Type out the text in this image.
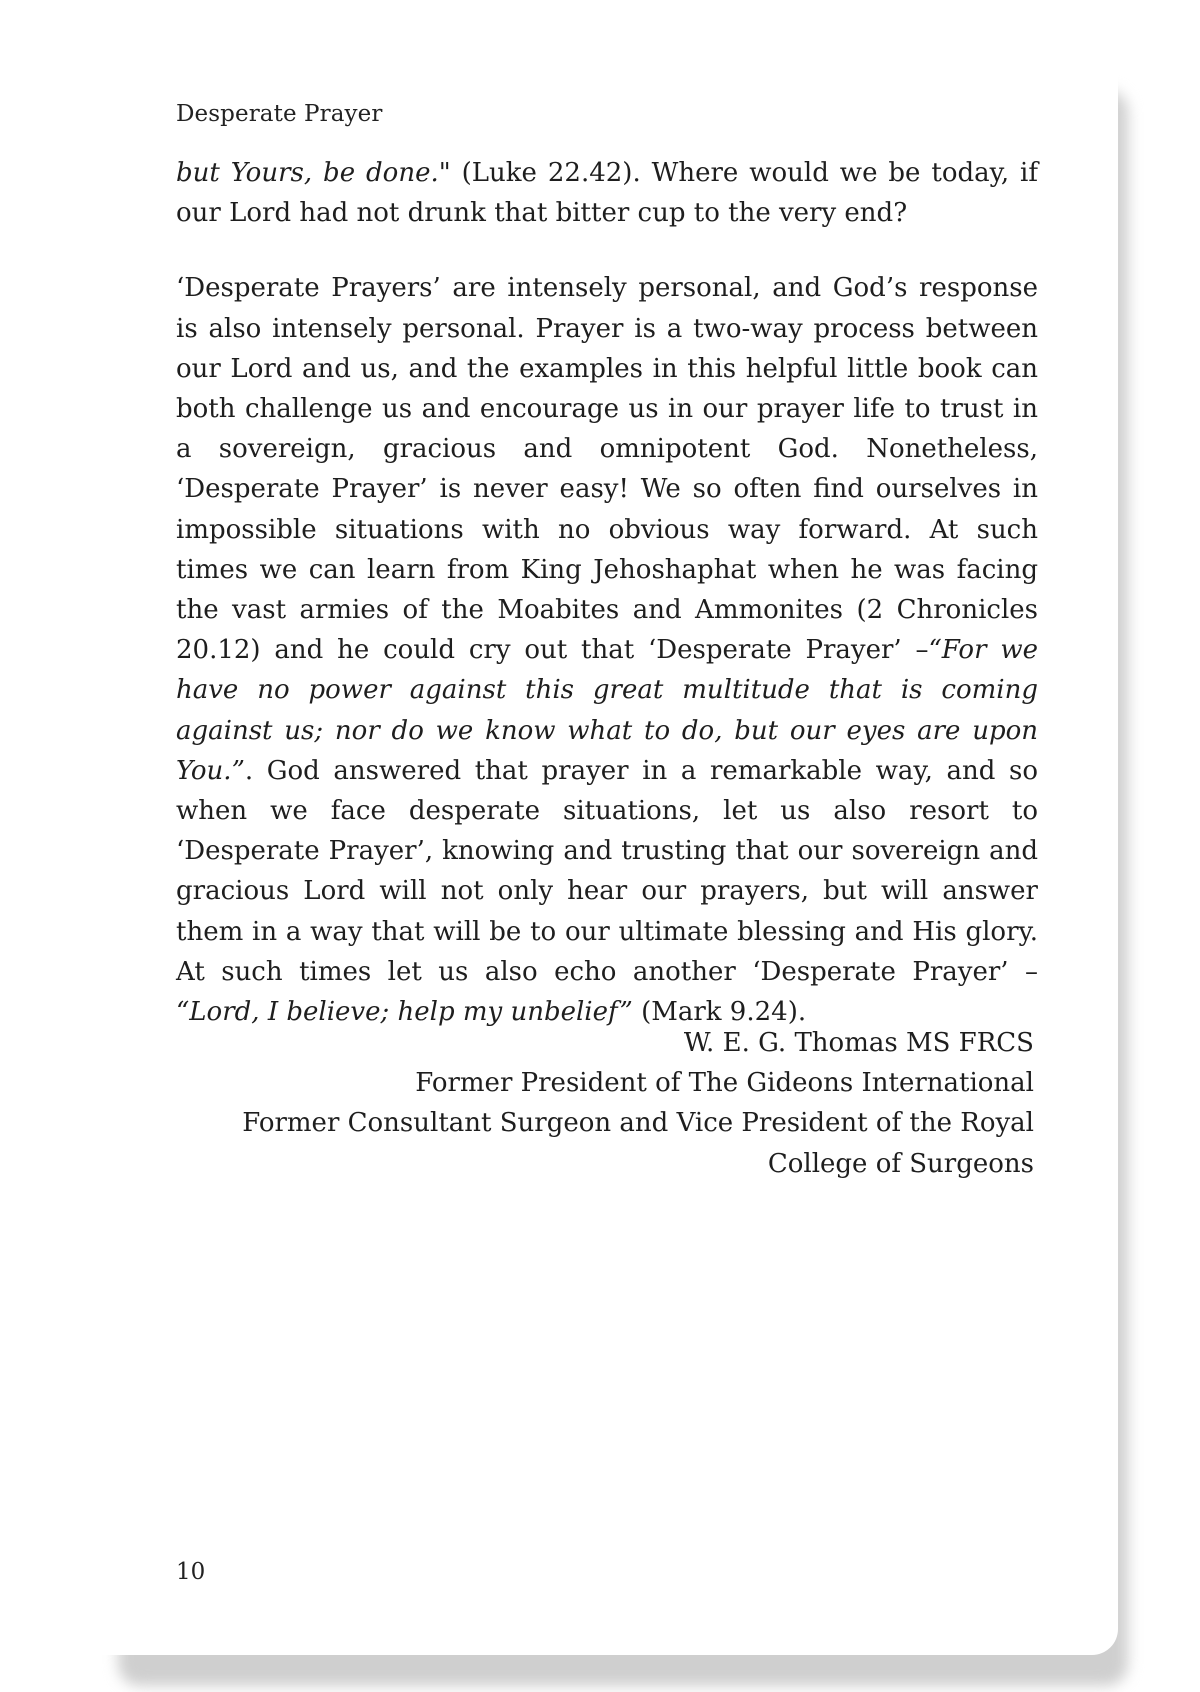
Desperate Prayer

but Yours, be done." (Luke 22.42). Where would we be today, if our Lord had not drunk that bitter cup to the very end?

‘Desperate Prayers’ are intensely personal, and God’s response is also intensely personal. Prayer is a two-way process between our Lord and us, and the examples in this helpful little book can both challenge us and encourage us in our prayer life to trust in a sovereign, gracious and omnipotent God. Nonetheless, ‘Desperate Prayer’ is never easy! We so often find ourselves in impossible situations with no obvious way forward. At such times we can learn from King Jehoshaphat when he was facing the vast armies of the Moabites and Ammonites (2 Chronicles 20.12) and he could cry out that ‘Desperate Prayer’ –“For we have no power against this great multitude that is coming against us; nor do we know what to do, but our eyes are upon You.”. God answered that prayer in a remarkable way, and so when we face desperate situations, let us also resort to ‘Desperate Prayer’, knowing and trusting that our sovereign and gracious Lord will not only hear our prayers, but will answer them in a way that will be to our ultimate blessing and His glory. At such times let us also echo another ‘Desperate Prayer’ – “Lord, I believe; help my unbelief” (Mark 9.24).

W. E. G. Thomas MS FRCS
Former President of The Gideons International
Former Consultant Surgeon and Vice President of the Royal
College of Surgeons
10
